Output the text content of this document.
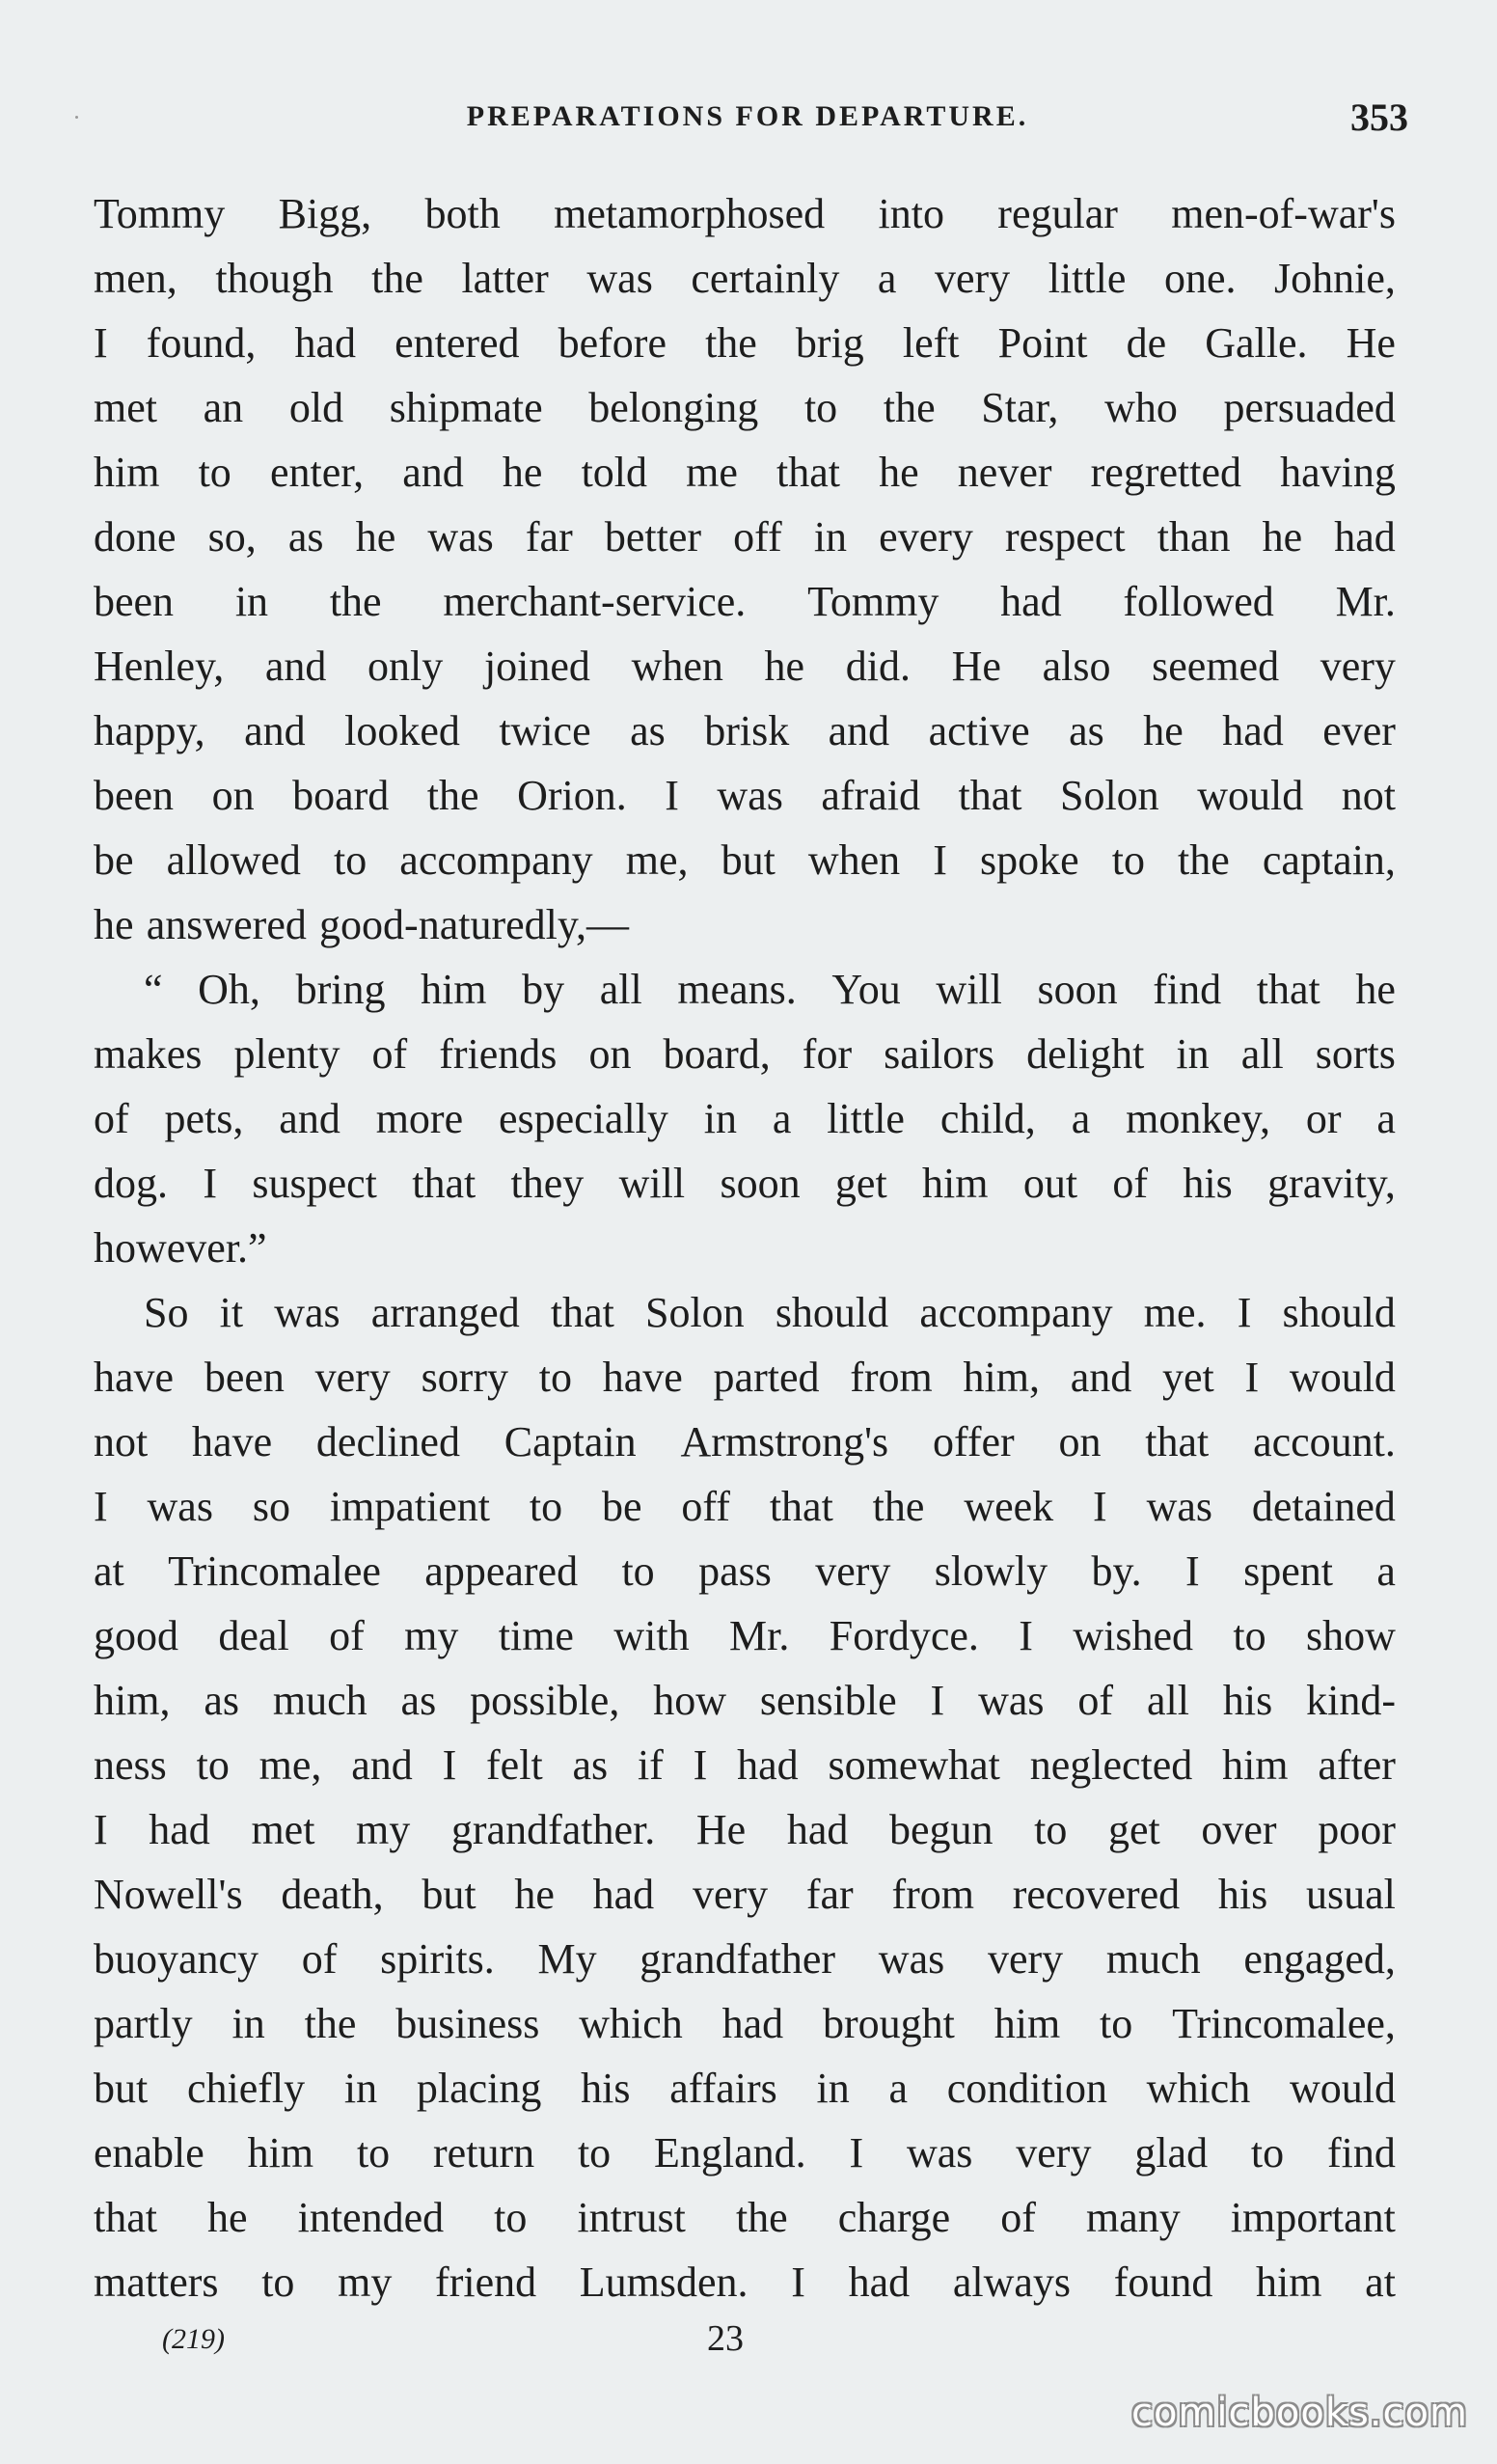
PREPARATIONS FOR DEPARTURE.	353
Tommy Bigg, both metamorphosed into regular men-of-war's
men, though the latter was certainly a very little one. Johnie,
I found, had entered before the brig left Point de Galle. He
met an old shipmate belonging to the Star, who persuaded
him to enter, and he told me that he never regretted having
done so, as he was far better off in every respect than he had
been in the merchant-service. Tommy had followed Mr.
Henley, and only joined when he did. He also seemed very
happy, and looked twice as brisk and active as he had ever
been on board the Orion. I was afraid that Solon would not
be allowed to accompany me, but when I spoke to the captain,
he answered good-naturedly,—
“ Oh, bring him by all means. You will soon find that he
makes plenty of friends on board, for sailors delight in all sorts
of pets, and more especially in a little child, a monkey, or a
dog. I suspect that they will soon get him out of his gravity,
however.”
So it was arranged that Solon should accompany me. I should
have been very sorry to have parted from him, and yet I would
not have declined Captain Armstrong's offer on that account.
I was so impatient to be off that the week I was detained
at Trincomalee appeared to pass very slowly by. I spent a
good deal of my time with Mr. Fordyce. I wished to show
him, as much as possible, how sensible I was of all his kind-
ness to me, and I felt as if I had somewhat neglected him after
I had met my grandfather. He had begun to get over poor
Nowell's death, but he had very far from recovered his usual
buoyancy of spirits. My grandfather was very much engaged,
partly in the business which had brought him to Trincomalee,
but chiefly in placing his affairs in a condition which would
enable him to return to England. I was very glad to find
that he intended to intrust the charge of many important
matters to my friend Lumsden. I had always found him at
(219)	23
comicbooks.com
